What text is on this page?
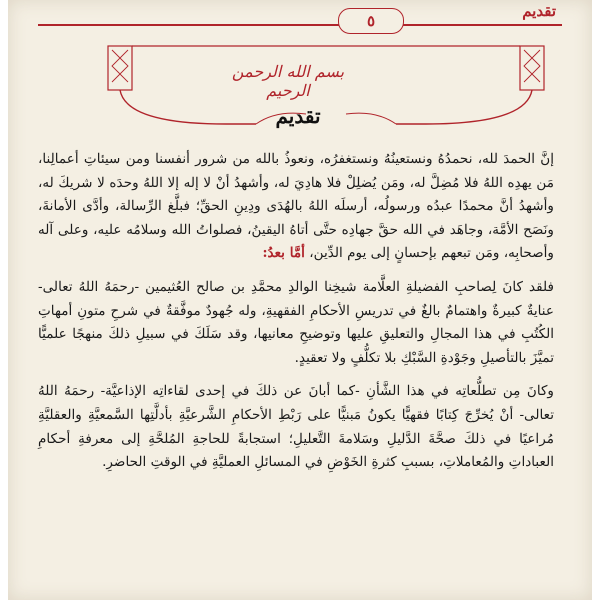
تقديم
٥
بسم الله الرحمن الرحيم
تقديم

إنَّ الحمدَ لله، نحمدُهُ ونستعينُهُ ونستغفرُه، ونعوذُ بالله من شرور أنفسنا ومن سيئاتِ أعمالِنا، مَن يهدِه اللهُ فلا مُضِلَّ له، ومَن يُضلِلْ فلا هادِيَ له، وأشهدُ أنْ لا إله إلا اللهُ وحدَه لا شريكَ له، وأشهدُ أنَّ محمدًا عبدُه ورسولُه، أرسلَه اللهُ بالهُدَى ودِينِ الحقِّ؛ فبلَّغ الرِّسالة، وأدَّى الأمانةَ، ونَصَح الأمَّة، وجاهَد في الله حقَّ جهادِه حتَّى أتاهُ اليقينُ، فصلواتُ الله وسلامُه عليه، وعلى آله وأصحابِه، ومَن تبعهم بإحسانٍ إلى يوم الدِّين، أمَّا بعدُ:

فلقد كانَ لِصاحبِ الفضيلةِ العلَّامة شيخِنا الوالدِ محمَّدِ بن صالح العُثيمين -رحمَهُ اللهُ تعالى- عنايةٌ كبيرةٌ واهتمامٌ بالغٌ في تدريسِ الأحكامِ الفقهيةِ، وله جُهودٌ موفَّقةٌ في شرحِ متونِ أمهاتِ الكُتُبِ في هذا المجالِ والتعليقِ عليها وتوضيحِ معانيها، وقد سَلَكَ في سبيلِ ذلكَ منهجًا علميًّا تميَّزَ بالتأصيلِ وجَوْدةِ السَّبْكِ بلا تكلُّفٍ ولا تعقيدٍ.

وكانَ مِن تطلُّعاتِه في هذا الشَّأنِ -كما أبانَ عن ذلكَ في إحدى لقاءاتِه الإذاعيَّة- رحمَهُ اللهُ تعالى- أنْ يُخرِّجَ كِتابًا فقهيًّا يكونُ مَبنيًّا على رَبْطِ الأحكامِ الشَّرعيَّةِ بأدلَّتِها السَّمعيَّةِ والعقليَّةِ مُراعيًا في ذلكَ صحَّةَ الدَّليلِ وسَلامةَ التَّعليلِ؛ استجابةً للحاجةِ المُلحَّةِ إلى معرفةِ أحكامِ العباداتِ والمُعاملاتِ، بسببِ كثرةِ الخَوْضِ في المسائلِ العمليَّةِ في الوقتِ الحاضرِ.
